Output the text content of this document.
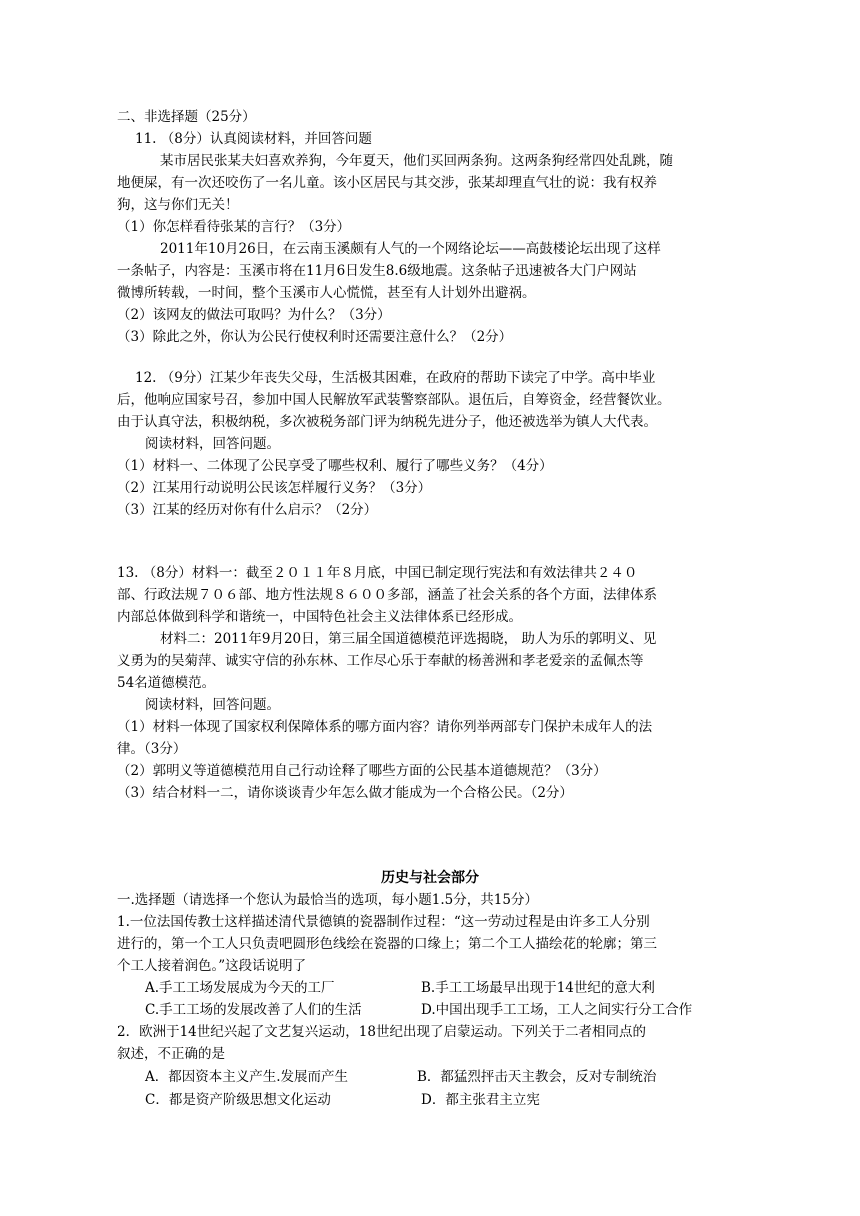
二、非选择题（25分）
11. （8分）认真阅读材料，并回答问题
某市居民张某夫妇喜欢养狗，今年夏天，他们买回两条狗。这两条狗经常四处乱跳，随
地便屎，有一次还咬伤了一名儿童。该小区居民与其交涉，张某却理直气壮的说：我有权养
狗，这与你们无关！
（1）你怎样看待张某的言行？（3分）
2011年10月26日，在云南玉溪颇有人气的一个网络论坛——高鼓楼论坛出现了这样
一条帖子，内容是：玉溪市将在11月6日发生8.6级地震。这条帖子迅速被各大门户网站
微博所转载，一时间，整个玉溪市人心慌慌，甚至有人计划外出避祸。
（2）该网友的做法可取吗？为什么？（3分）
（3）除此之外，你认为公民行使权利时还需要注意什么？（2分）
12. （9分）江某少年丧失父母，生活极其困难，在政府的帮助下读完了中学。高中毕业
后，他响应国家号召，参加中国人民解放军武装警察部队。退伍后，自筹资金，经营餐饮业。
由于认真守法，积极纳税，多次被税务部门评为纳税先进分子，他还被选举为镇人大代表。
阅读材料，回答问题。
（1）材料一、二体现了公民享受了哪些权利、履行了哪些义务？（4分）
（2）江某用行动说明公民该怎样履行义务？（3分）
（3）江某的经历对你有什么启示？（2分）
13. （8分）材料一：截至２０１１年８月底，中国已制定现行宪法和有效法律共２４０
部、行政法规７０６部、地方性法规８６００多部，涵盖了社会关系的各个方面，法律体系
内部总体做到科学和谐统一，中国特色社会主义法律体系已经形成。
材料二：2011年9月20日，第三届全国道德模范评选揭晓， 助人为乐的郭明义、见
义勇为的吴菊萍、诚实守信的孙东林、工作尽心乐于奉献的杨善洲和孝老爱亲的孟佩杰等
54名道德模范。
阅读材料，回答问题。
（1）材料一体现了国家权利保障体系的哪方面内容？请你列举两部专门保护未成年人的法
律。（3分）
（2）郭明义等道德模范用自己行动诠释了哪些方面的公民基本道德规范？（3分）
（3）结合材料一二，请你谈谈青少年怎么做才能成为一个合格公民。（2分）
历史与社会部分
一.选择题（请选择一个您认为最恰当的选项，每小题1.5分，共15分）
1.一位法国传教士这样描述清代景德镇的瓷器制作过程：“这一劳动过程是由许多工人分别
进行的，第一个工人只负责吧圆形色线绘在瓷器的口缘上；第二个工人描绘花的轮廓；第三
个工人接着润色。”这段话说明了
A.手工工场发展成为今天的工厂	B.手工工场最早出现于14世纪的意大利
C.手工工场的发展改善了人们的生活	D.中国出现手工工场，工人之间实行分工合作
2．欧洲于14世纪兴起了文艺复兴运动，18世纪出现了启蒙运动。下列关于二者相同点的
叙述，不正确的是
A．都因资本主义产生.发展而产生	B．都猛烈抨击天主教会，反对专制统治
C．都是资产阶级思想文化运动	D．都主张君主立宪
